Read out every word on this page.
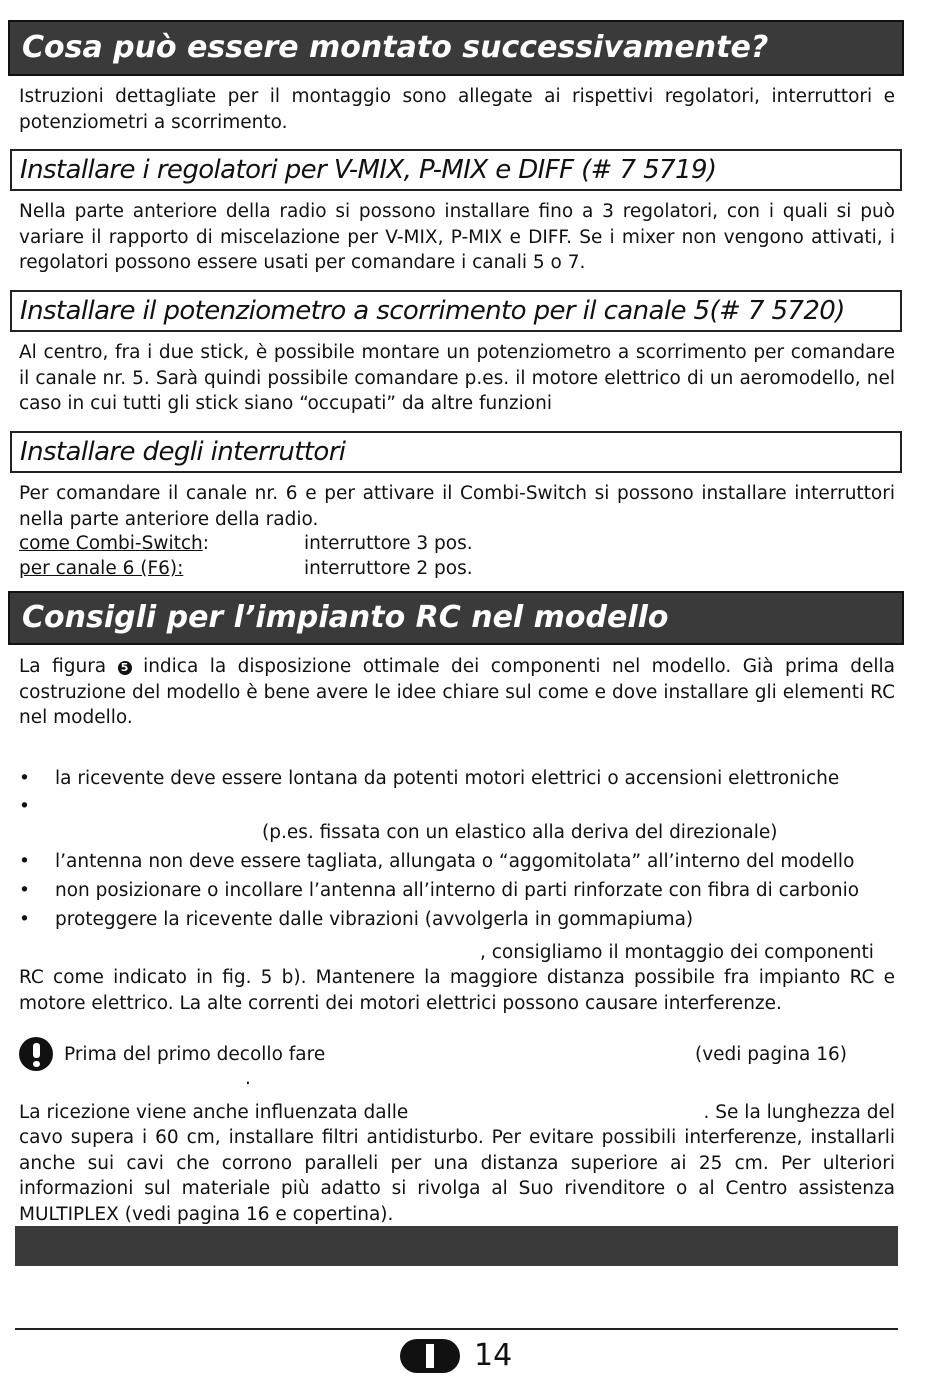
Cosa può essere montato successivamente?
Istruzioni dettagliate per il montaggio sono allegate ai rispettivi regolatori, interruttori e potenziometri a scorrimento.
Installare i regolatori per V-MIX, P-MIX e DIFF (# 7 5719)
Nella parte anteriore della radio si possono installare fino a 3 regolatori, con i quali si può variare il rapporto di miscelazione per V-MIX, P-MIX e DIFF. Se i mixer non vengono attivati, i regolatori possono essere usati per comandare i canali 5 o 7.
Installare il potenziometro a scorrimento per il canale 5(# 7 5720)
Al centro, fra i due stick, è possibile montare un potenziometro a scorrimento per comandare il canale nr. 5. Sarà quindi possibile comandare p.es. il motore elettrico di un aeromodello, nel caso in cui tutti gli stick siano “occupati” da altre funzioni
Installare degli interruttori
Per comandare il canale nr. 6 e per attivare il Combi-Switch si possono installare interruttori nella parte anteriore della radio.
come Combi-Switch:	interruttore 3 pos.
per canale 6 (F6):	interruttore 2 pos.
Consigli per l’impianto RC nel modello
La figura 5 indica la disposizione ottimale dei componenti nel modello. Già prima della costruzione del modello è bene avere le idee chiare sul come e dove installare gli elementi RC nel modello.
• la ricevente deve essere lontana da potenti motori elettrici o accensioni elettroniche
•
(p.es. fissata con un elastico alla deriva del direzionale)
• l’antenna non deve essere tagliata, allungata o “aggomitolata” all’interno del modello
• non posizionare o incollare l’antenna all’interno di parti rinforzate con fibra di carbonio
• proteggere la ricevente dalle vibrazioni (avvolgerla in gommapiuma)
, consigliamo il montaggio dei componenti
RC come indicato in fig. 5 b). Mantenere la maggiore distanza possibile fra impianto RC e motore elettrico. La alte correnti dei motori elettrici possono causare interferenze.
Prima del primo decollo fare	(vedi pagina 16)
.
La ricezione viene anche influenzata dalle	. Se la lunghezza del
cavo supera i 60 cm, installare filtri antidisturbo. Per evitare possibili interferenze, installarli anche sui cavi che corrono paralleli per una distanza superiore ai 25 cm. Per ulteriori informazioni sul materiale più adatto si rivolga al Suo rivenditore o al Centro assistenza MULTIPLEX (vedi pagina 16 e copertina).
14
